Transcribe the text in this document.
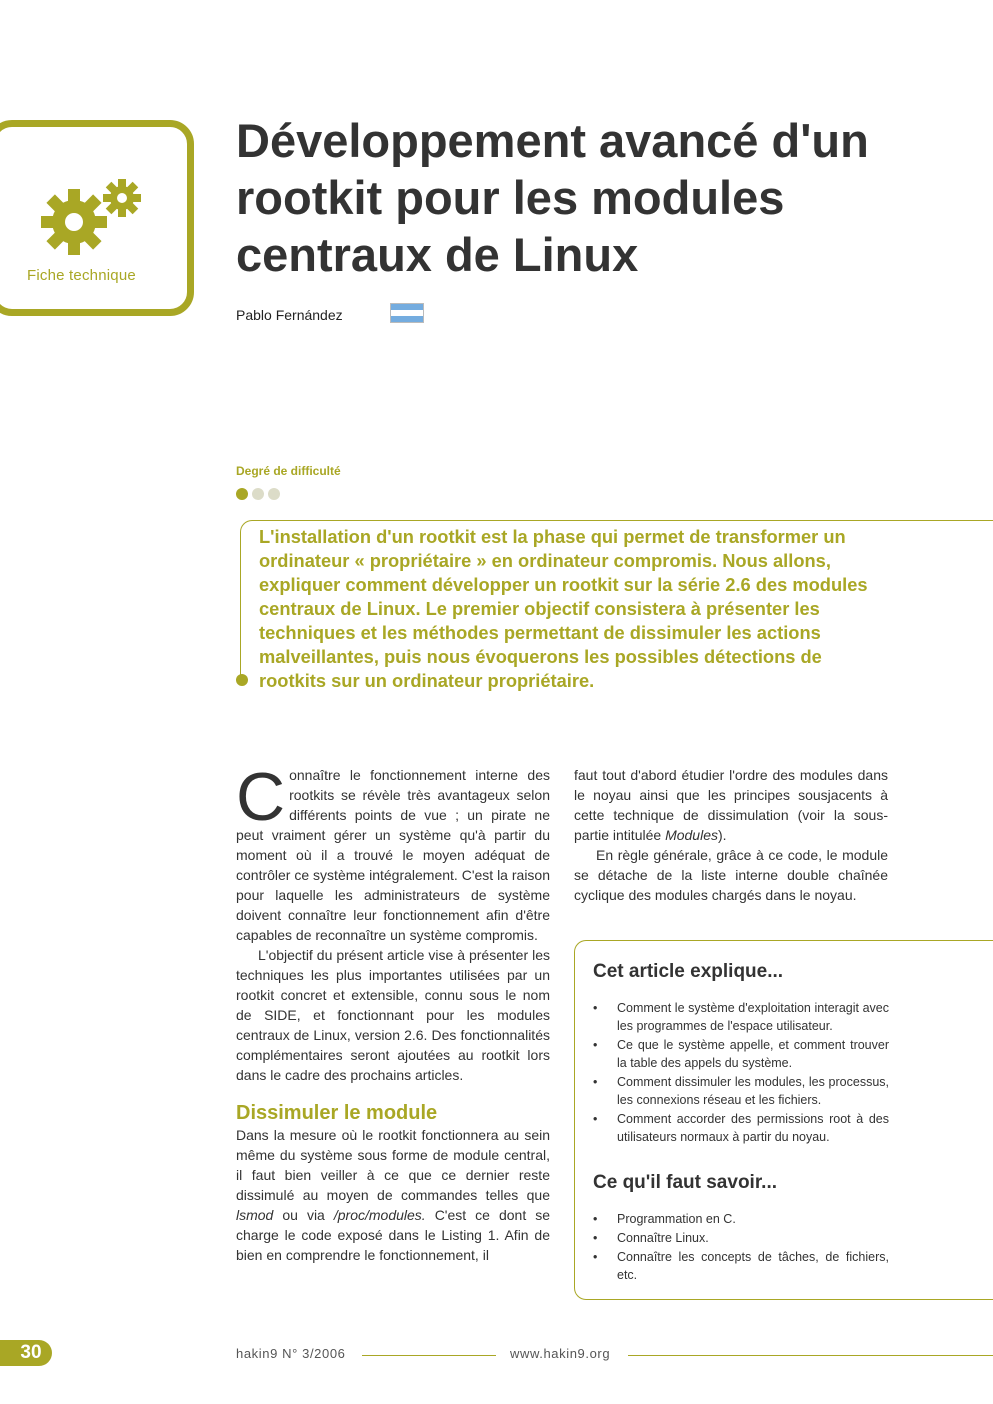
Fiche technique
Développement avancé d'un rootkit pour les modules centraux de Linux
Pablo Fernández
Degré de difficulté

L'installation d'un rootkit est la phase qui permet de transformer un ordinateur « propriétaire » en ordinateur compromis. Nous allons, expliquer comment développer un rootkit sur la série 2.6 des modules centraux de Linux. Le premier objectif consistera à présenter les techniques et les méthodes permettant de dissimuler les actions malveillantes, puis nous évoquerons les possibles détections de rootkits sur un ordinateur propriétaire.

Connaître le fonctionnement interne des rootkits se révèle très avantageux selon différents points de vue ; un pirate ne peut vraiment gérer un système qu'à partir du moment où il a trouvé le moyen adéquat de contrôler ce système intégralement. C'est la raison pour laquelle les administrateurs de système doivent connaître leur fonctionnement afin d'être capables de reconnaître un système compromis.

L'objectif du présent article vise à présenter les techniques les plus importantes utilisées par un rootkit concret et extensible, connu sous le nom de SIDE, et fonctionnant pour les modules centraux de Linux, version 2.6. Des fonctionnalités complémentaires seront ajoutées au rootkit lors dans le cadre des prochains articles.

Dissimuler le module

Dans la mesure où le rootkit fonctionnera au sein même du système sous forme de module central, il faut bien veiller à ce que ce dernier reste dissimulé au moyen de commandes telles que lsmod ou via /proc/modules. C'est ce dont se charge le code exposé dans le Listing 1. Afin de bien en comprendre le fonctionnement, il

faut tout d'abord étudier l'ordre des modules dans le noyau ainsi que les principes sousjacents à cette technique de dissimulation (voir la sous-partie intitulée Modules).

En règle générale, grâce à ce code, le module se détache de la liste interne double chaînée cyclique des modules chargés dans le noyau.

Cet article explique...
• Comment le système d'exploitation interagit avec les programmes de l'espace utilisateur.
• Ce que le système appelle, et comment trouver la table des appels du système.
• Comment dissimuler les modules, les processus, les connexions réseau et les fichiers.
• Comment accorder des permissions root à des utilisateurs normaux à partir du noyau.
Ce qu'il faut savoir...
• Programmation en C.
• Connaître Linux.
• Connaître les concepts de tâches, de fichiers, etc.
30	hakin9 N° 3/2006	www.hakin9.org
